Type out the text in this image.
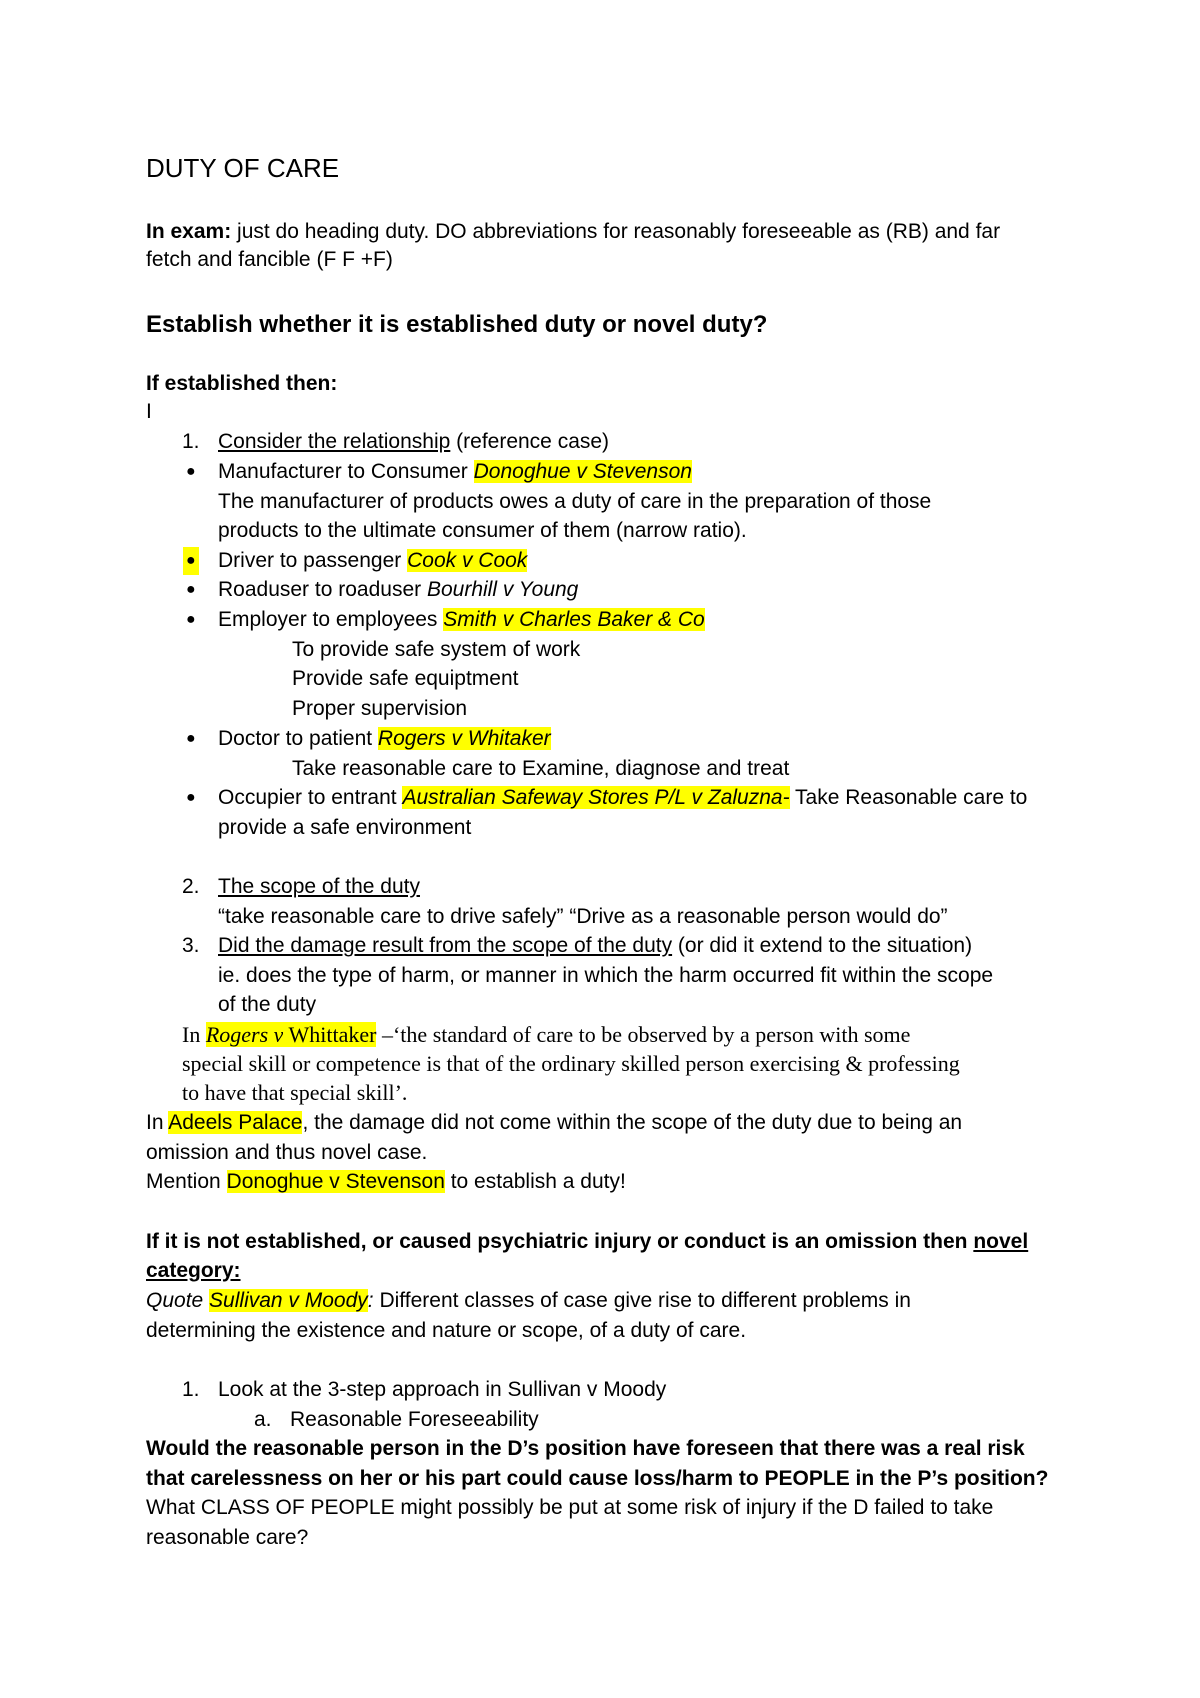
DUTY OF CARE
In exam: just do heading duty. DO abbreviations for reasonably foreseeable as (RB) and far
fetch and fancible (F F +F)
Establish whether it is established duty or novel duty?
If established then:
I
1. Consider the relationship (reference case)
● Manufacturer to Consumer Donoghue v Stevenson
The manufacturer of products owes a duty of care in the preparation of those
products to the ultimate consumer of them (narrow ratio).
● Driver to passenger Cook v Cook
● Roaduser to roaduser Bourhill v Young
● Employer to employees Smith v Charles Baker & Co
To provide safe system of work
Provide safe equiptment
Proper supervision
● Doctor to patient Rogers v Whitaker
Take reasonable care to Examine, diagnose and treat
● Occupier to entrant Australian Safeway Stores P/L v Zaluzna- Take Reasonable care to
provide a safe environment
2. The scope of the duty
“take reasonable care to drive safely” “Drive as a reasonable person would do”
3. Did the damage result from the scope of the duty (or did it extend to the situation)
ie. does the type of harm, or manner in which the harm occurred fit within the scope
of the duty
In Rogers v Whittaker –‘the standard of care to be observed by a person with some
special skill or competence is that of the ordinary skilled person exercising & professing
to have that special skill’.
In Adeels Palace, the damage did not come within the scope of the duty due to being an
omission and thus novel case.
Mention Donoghue v Stevenson to establish a duty!
If it is not established, or caused psychiatric injury or conduct is an omission then novel
category:
Quote Sullivan v Moody: Different classes of case give rise to different problems in
determining the existence and nature or scope, of a duty of care.
1. Look at the 3-step approach in Sullivan v Moody
a. Reasonable Foreseeability
Would the reasonable person in the D’s position have foreseen that there was a real risk
that carelessness on her or his part could cause loss/harm to PEOPLE in the P’s position?
What CLASS OF PEOPLE might possibly be put at some risk of injury if the D failed to take
reasonable care?
